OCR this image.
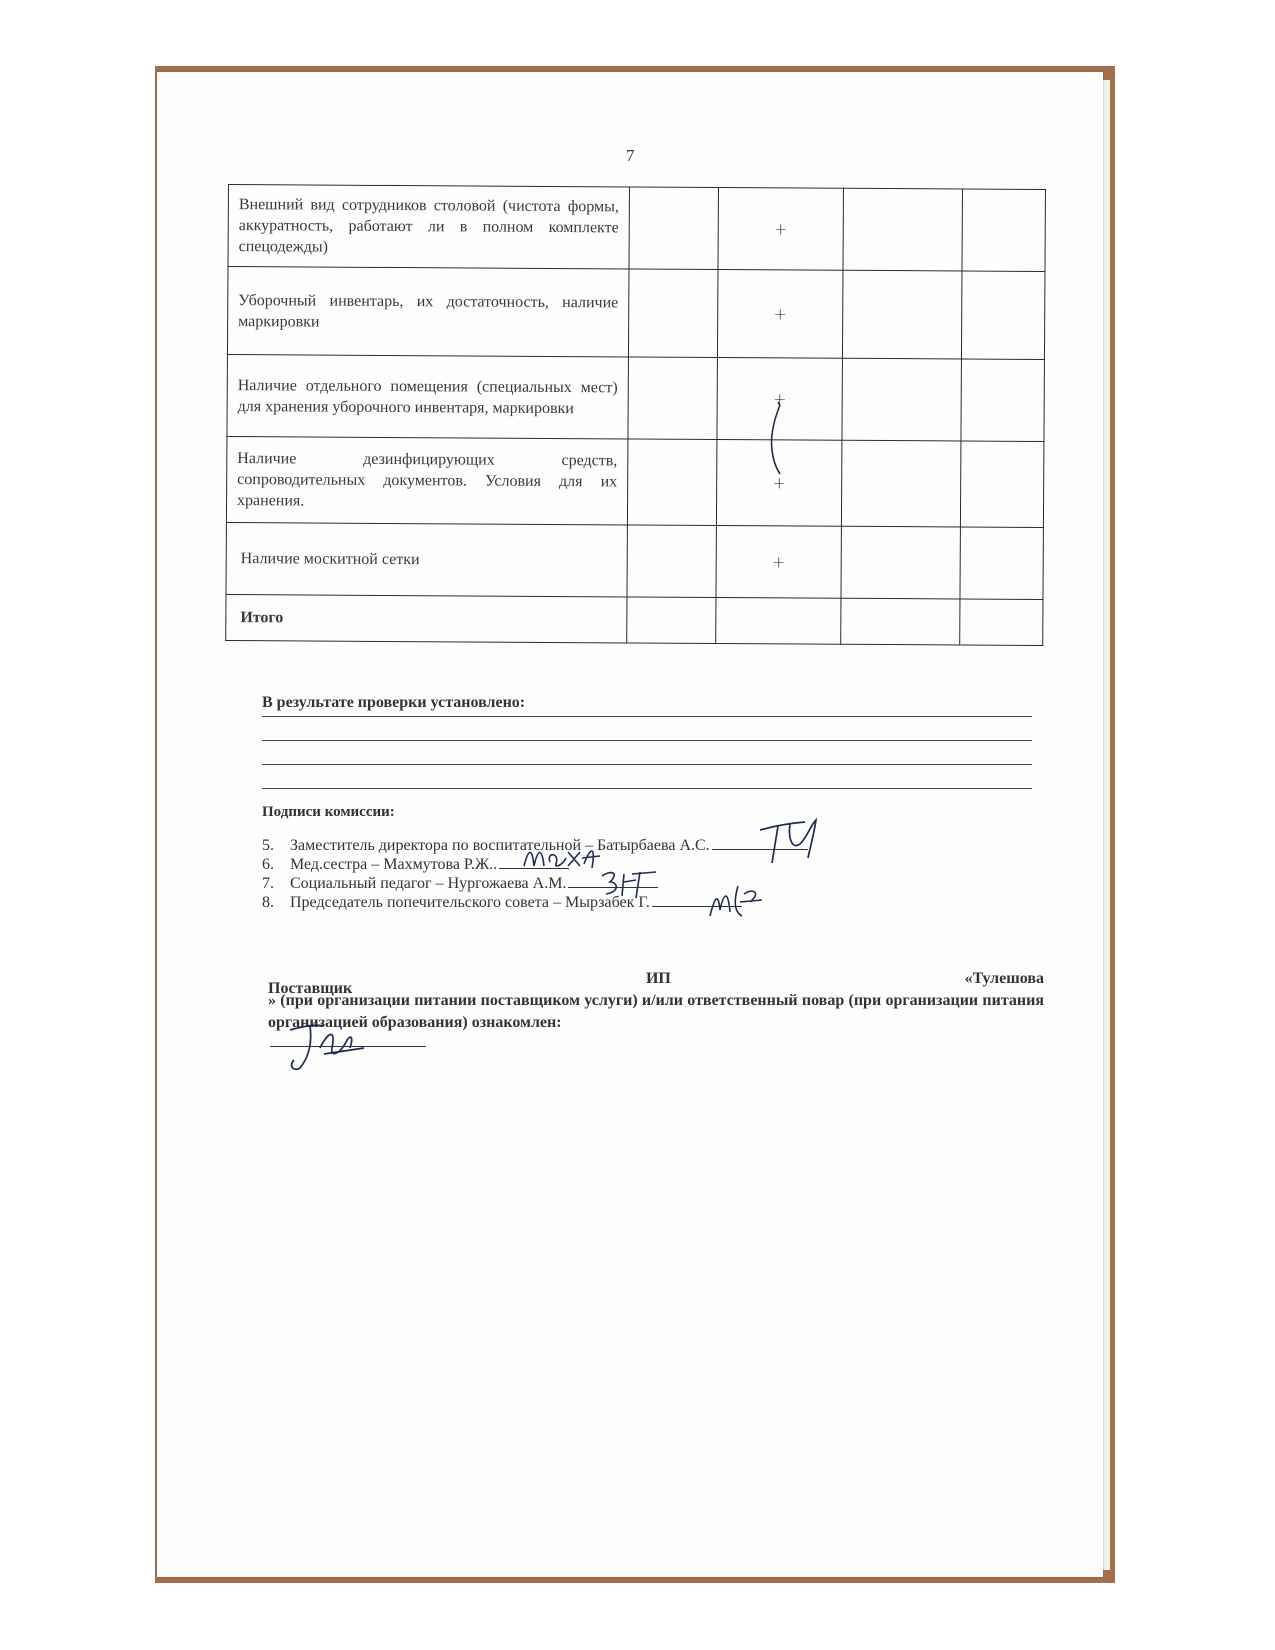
7
Внешний вид сотрудников столовой (чистота формы, аккуратность, работают ли в полном комплекте спецодежды)		+		
Уборочный инвентарь, их достаточность, наличие маркировки		+		
Наличие отдельного помещения (специальных мест) для хранения уборочного инвентаря, маркировки		+		
Наличие дезинфицирующих средств, сопроводительных документов. Условия для их хранения.		+		
Наличие москитной сетки		+		
Итого				
В результате проверки установлено:
Подписи комиссии:
5. Заместитель директора по воспитательной – Батырбаева А.С.
6. Мед.сестра – Махмутова Р.Ж..
7. Социальный педагог – Нургожаева А.М.
8. Председатель попечительского совета – Мырзабек Г.
Поставщик
ИП	«Тулешова
» (при организации питании поставщиком услуги) и/или ответственный повар (при организации питания организацией образования) ознакомлен:
